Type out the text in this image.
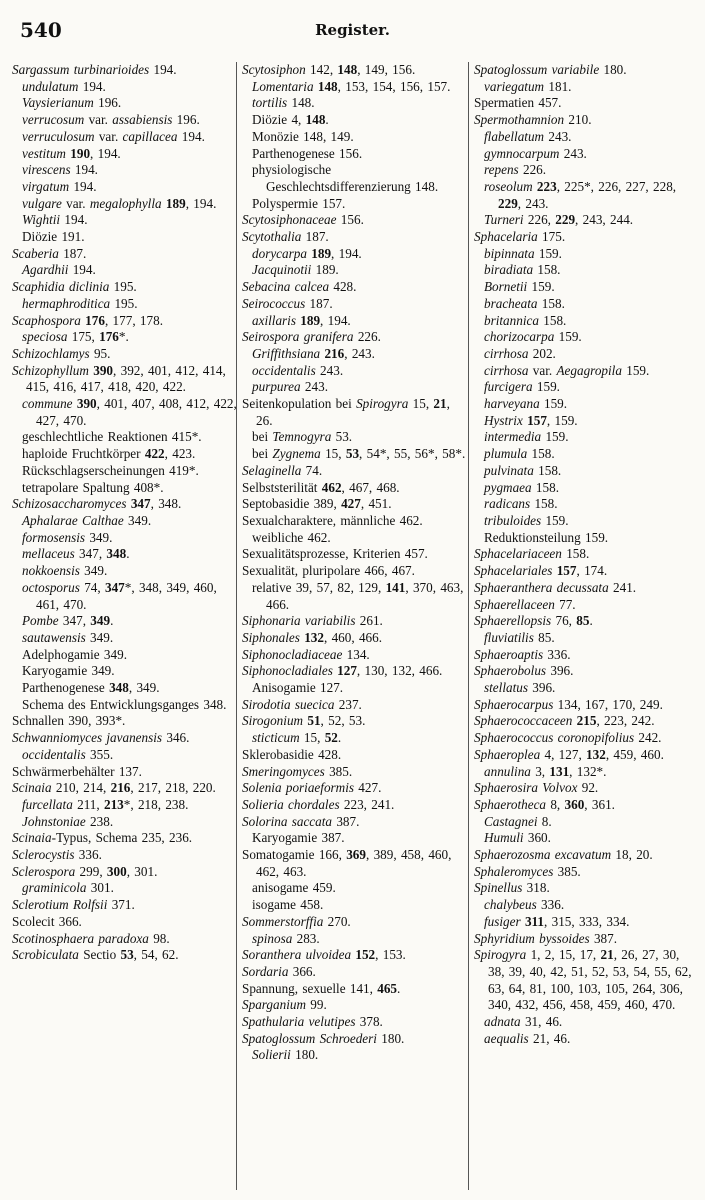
540	Register.
Sargassum turbinarioides 194.
undulatum 194.
Vaysierianum 196.
verrucosum var. assabiensis 196.
verruculosum var. capillacea 194.
vestitum 190, 194.
virescens 194.
virgatum 194.
vulgare var. megalophylla 189, 194.
Wightii 194.
Diözie 191.
Scaberia 187.
Agardhii 194.
Scaphidia diclinia 195.
hermaphroditica 195.
Scaphospora 176, 177, 178.
speciosa 175, 176*.
Schizochlamys 95.
Schizophyllum 390, 392, 401, 412, 414, 415, 416, 417, 418, 420, 422.
commune 390, 401, 407, 408, 412, 422, 427, 470.
geschlechtliche Reaktionen 415*.
haploide Fruchtkörper 422, 423.
Rückschlagserscheinungen 419*.
tetrapolare Spaltung 408*.
Schizosaccharomyces 347, 348.
Aphalarae Calthae 349.
formosensis 349.
mellaceus 347, 348.
nokkoensis 349.
octosporus 74, 347*, 348, 349, 460, 461, 470.
Pombe 347, 349.
sautawensis 349.
Adelphogamie 349.
Karyogamie 349.
Parthenogenese 348, 349.
Schema des Entwicklungsganges 348.
Schnallen 390, 393*.
Schwanniomyces javanensis 346.
occidentalis 355.
Schwärmerbehälter 137.
Scinaia 210, 214, 216, 217, 218, 220.
furcellata 211, 213*, 218, 238.
Johnstoniae 238.
Scinaia-Typus, Schema 235, 236.
Sclerocystis 336.
Sclerospora 299, 300, 301.
graminicola 301.
Sclerotium Rolfsii 371.
Scolecit 366.
Scotinosphaera paradoxa 98.
Scrobiculata Sectio 53, 54, 62.
Scytosiphon 142, 148, 149, 156.
Lomentaria 148, 153, 154, 156, 157.
tortilis 148.
Diözie 4, 148.
Monözie 148, 149.
Parthenogenese 156.
physiologische Geschlechtsdifferenzierung 148.
Polyspermie 157.
Scytosiphonaceae 156.
Scytothalia 187.
dorycarpa 189, 194.
Jacquinotii 189.
Sebacina calcea 428.
Seirococcus 187.
axillaris 189, 194.
Seirospora granifera 226.
Griffithsiana 216, 243.
occidentalis 243.
purpurea 243.
Seitenkopulation bei Spirogyra 15, 21, 26.
bei Temnogyra 53.
bei Zygnema 15, 53, 54*, 55, 56*, 58*.
Selaginella 74.
Selbststerilität 462, 467, 468.
Septobasidie 389, 427, 451.
Sexualcharaktere, männliche 462.
weibliche 462.
Sexualitätsprozesse, Kriterien 457.
Sexualität, pluripolare 466, 467.
relative 39, 57, 82, 129, 141, 370, 463, 466.
Siphonaria variabilis 261.
Siphonales 132, 460, 466.
Siphonocladiaceae 134.
Siphonocladiales 127, 130, 132, 466.
Anisogamie 127.
Sirodotia suecica 237.
Sirogonium 51, 52, 53.
sticticum 15, 52.
Sklerobasidie 428.
Smeringomyces 385.
Solenia poriaeformis 427.
Solieria chordales 223, 241.
Solorina saccata 387.
Karyogamie 387.
Somatogamie 166, 369, 389, 458, 460, 462, 463.
anisogame 459.
isogame 458.
Sommerstorffia 270.
spinosa 283.
Soranthera ulvoidea 152, 153.
Sordaria 366.
Spannung, sexuelle 141, 465.
Sparganium 99.
Spathularia velutipes 378.
Spatoglossum Schroederi 180.
Solierii 180.
Spatoglossum variabile 180.
variegatum 181.
Spermatien 457.
Spermothamnion 210.
flabellatum 243.
gymnocarpum 243.
repens 226.
roseolum 223, 225*, 226, 227, 228, 229, 243.
Turneri 226, 229, 243, 244.
Sphacelaria 175.
bipinnata 159.
biradiata 158.
Bornetii 159.
bracheata 158.
britannica 158.
chorizocarpa 159.
cirrhosa 202.
cirrhosa var. Aegagropila 159.
furcigera 159.
harveyana 159.
Hystrix 157, 159.
intermedia 159.
plumula 158.
pulvinata 158.
pygmaea 158.
radicans 158.
tribuloides 159.
Reduktionsteilung 159.
Sphacelariaceen 158.
Sphacelariales 157, 174.
Sphaeranthera decussata 241.
Sphaerellaceen 77.
Sphaerellopsis 76, 85.
fluviatilis 85.
Sphaeroaptis 336.
Sphaerobolus 396.
stellatus 396.
Sphaerocarpus 134, 167, 170, 249.
Sphaerococcaceen 215, 223, 242.
Sphaerococcus coronopifolius 242.
Sphaeroplea 4, 127, 132, 459, 460.
annulina 3, 131, 132*.
Sphaerosira Volvox 92.
Sphaerotheca 8, 360, 361.
Castagnei 8.
Humuli 360.
Sphaerozosma excavatum 18, 20.
Sphaleromyces 385.
Spinellus 318.
chalybeus 336.
fusiger 311, 315, 333, 334.
Sphyridium byssoides 387.
Spirogyra 1, 2, 15, 17, 21, 26, 27, 30, 38, 39, 40, 42, 51, 52, 53, 54, 55, 62, 63, 64, 81, 100, 103, 105, 264, 306, 340, 432, 456, 458, 459, 460, 470.
adnata 31, 46.
aequalis 21, 46.
